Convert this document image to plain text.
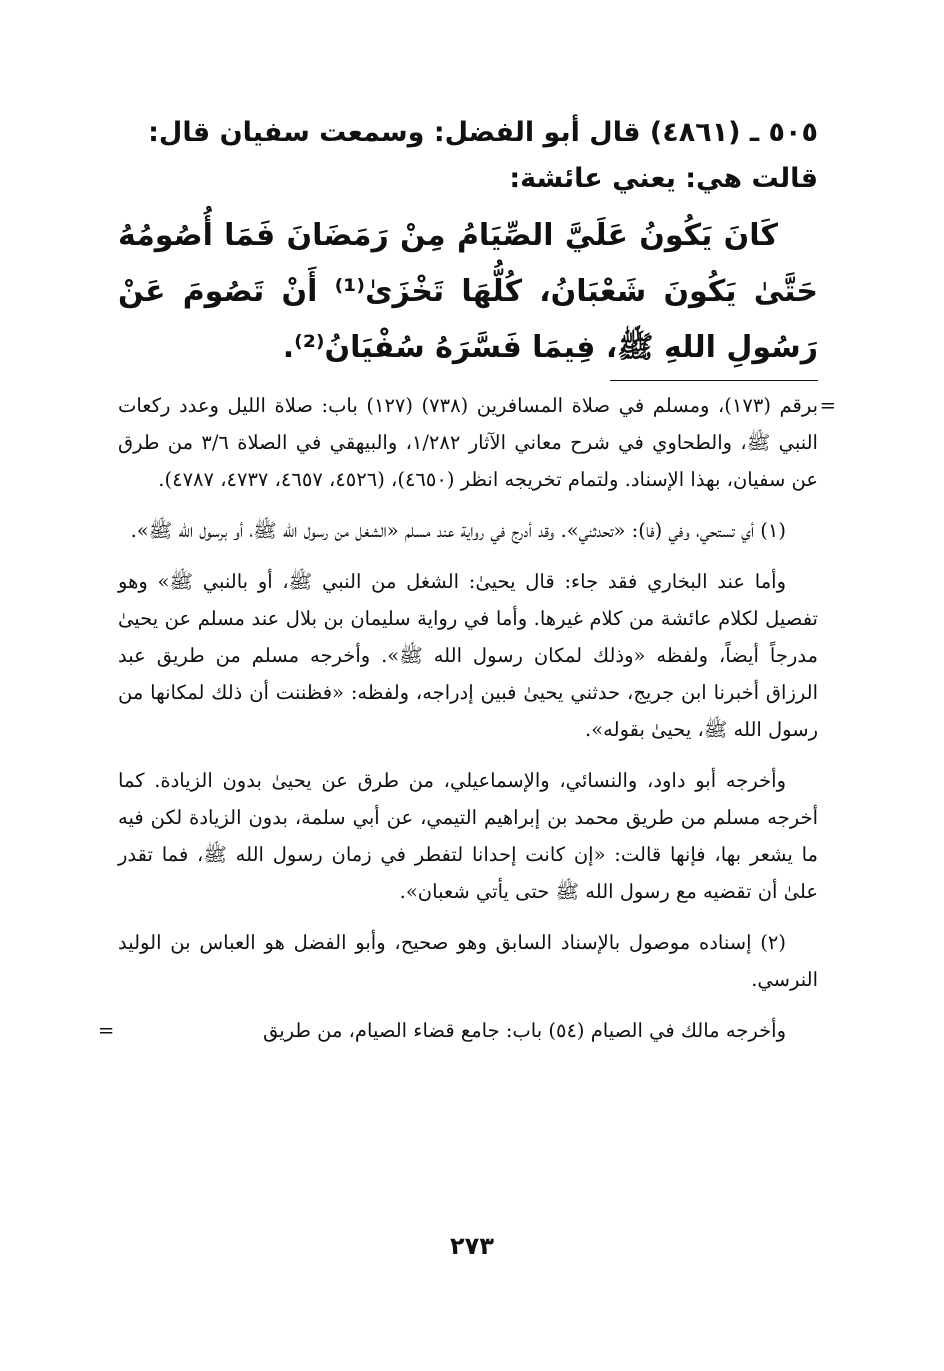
٥٠٥ ـ (٤٨٦١) قال أبو الفضل: وسمعت سفيان قال:

قالت هي: يعني عائشة:

كَانَ يَكُونُ عَلَيَّ الصِّيَامُ مِنْ رَمَضَانَ فَمَا أُصُومُهُ حَتَّىٰ يَكُونَ شَعْبَانُ، كُلُّهَا تَخْزَىٰ⁽¹⁾ أَنْ تَصُومَ عَنْ رَسُولِ اللهِ ﷺ، فِيمَا فَسَّرَهُ سُفْيَانُ⁽²⁾.

=
برقم (١٧٣)، ومسلم في صلاة المسافرين (٧٣٨) (١٢٧) باب: صلاة الليل وعدد ركعات النبي ﷺ، والطحاوي في شرح معاني الآثار ١/٢٨٢، والبيهقي في الصلاة ٣/٦ من طرق عن سفيان، بهذا الإسناد. ولتمام تخريجه انظر (٤٦٥٠)، (٤٥٢٦، ٤٦٥٧، ٤٧٣٧، ٤٧٨٧).

(١) أي تستحي، وفي (فا): «تحدثني». وقد أدرج في رواية عند مسلم «الشغل من رسول الله ﷺ، أو برسول الله ﷺ».

وأما عند البخاري فقد جاء: قال يحيىٰ: الشغل من النبي ﷺ، أو بالنبي ﷺ» وهو تفصيل لكلام عائشة من كلام غيرها. وأما في رواية سليمان بن بلال عند مسلم عن يحيىٰ مدرجاً أيضاً، ولفظه «وذلك لمكان رسول الله ﷺ». وأخرجه مسلم من طريق عبد الرزاق أخبرنا ابن جريج، حدثني يحيىٰ فبين إدراجه، ولفظه: «فظننت أن ذلك لمكانها من رسول الله ﷺ، يحيىٰ بقوله».

وأخرجه أبو داود، والنسائي، والإسماعيلي، من طرق عن يحيىٰ بدون الزيادة. كما أخرجه مسلم من طريق محمد بن إبراهيم التيمي، عن أبي سلمة، بدون الزيادة لكن فيه ما يشعر بها، فإنها قالت: «إن كانت إحدانا لتفطر في زمان رسول الله ﷺ، فما تقدر علىٰ أن تقضيه مع رسول الله ﷺ حتى يأتي شعبان».

(٢) إسناده موصول بالإسناد السابق وهو صحيح، وأبو الفضل هو العباس بن الوليد النرسي.

وأخرجه مالك في الصيام (٥٤) باب: جامع قضاء الصيام، من طريق
=

٢٧٣
